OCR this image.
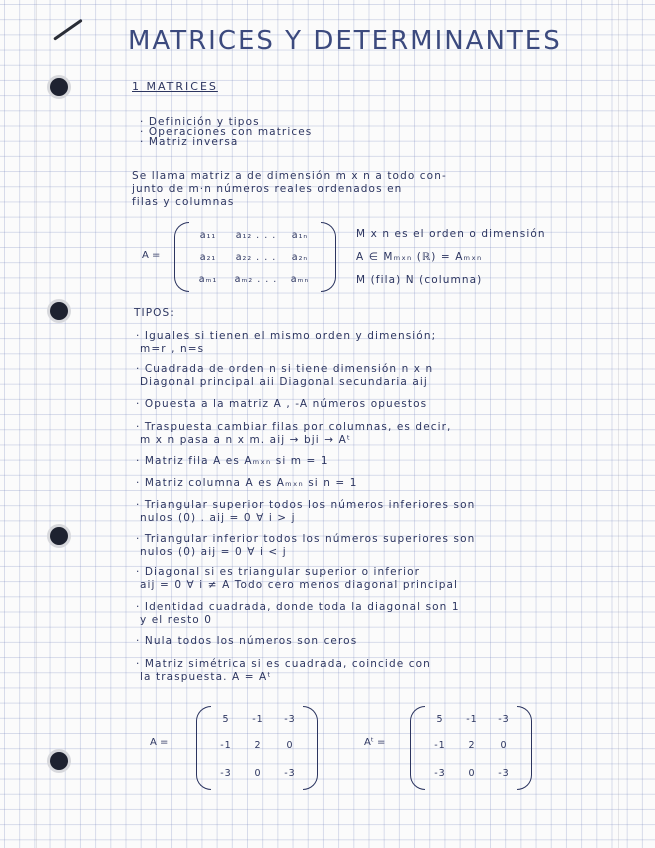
MATRICES Y DETERMINANTES
1 MATRICES
· Definición y tipos
· Operaciones con matrices
· Matriz inversa
Se llama matriz a de dimensión m x n a todo con-
junto de m·n números reales ordenados en
filas y columnas
A =
a₁₁	a₁₂ . . .	a₁ₙ
a₂₁	a₂₂ . . .	a₂ₙ
aₘ₁	aₘ₂ . . .	aₘₙ
M x n es el orden o dimensión
A ∈ Mₘₓₙ (ℝ) = Aₘₓₙ
M (fila) N (columna)
TIPOS:
· Iguales si tienen el mismo orden y dimensión;
m=r , n=s
· Cuadrada de orden n si tiene dimensión n x n
Diagonal principal aii Diagonal secundaria aij
· Opuesta a la matriz A , -A números opuestos
· Traspuesta cambiar filas por columnas, es decir,
m x n pasa a n x m. aij → bji → Aᵗ
· Matriz fila A es Aₘₓₙ si m = 1
· Matriz columna A es Aₘₓₙ si n = 1
· Triangular superior todos los números inferiores son
nulos (0) . aij = 0 ∀ i > j
· Triangular inferior todos los números superiores son
nulos (0) aij = 0 ∀ i < j
· Diagonal si es triangular superior o inferior
aij = 0 ∀ i ≠ A Todo cero menos diagonal principal
· Identidad cuadrada, donde toda la diagonal son 1
y el resto 0
· Nula todos los números son ceros
· Matriz simétrica si es cuadrada, coincide con
la traspuesta. A = Aᵗ
A =
5	-1	-3
-1	2	0
-3	0	-3
Aᵗ =
5	-1	-3
-1	2	0
-3	0	-3
